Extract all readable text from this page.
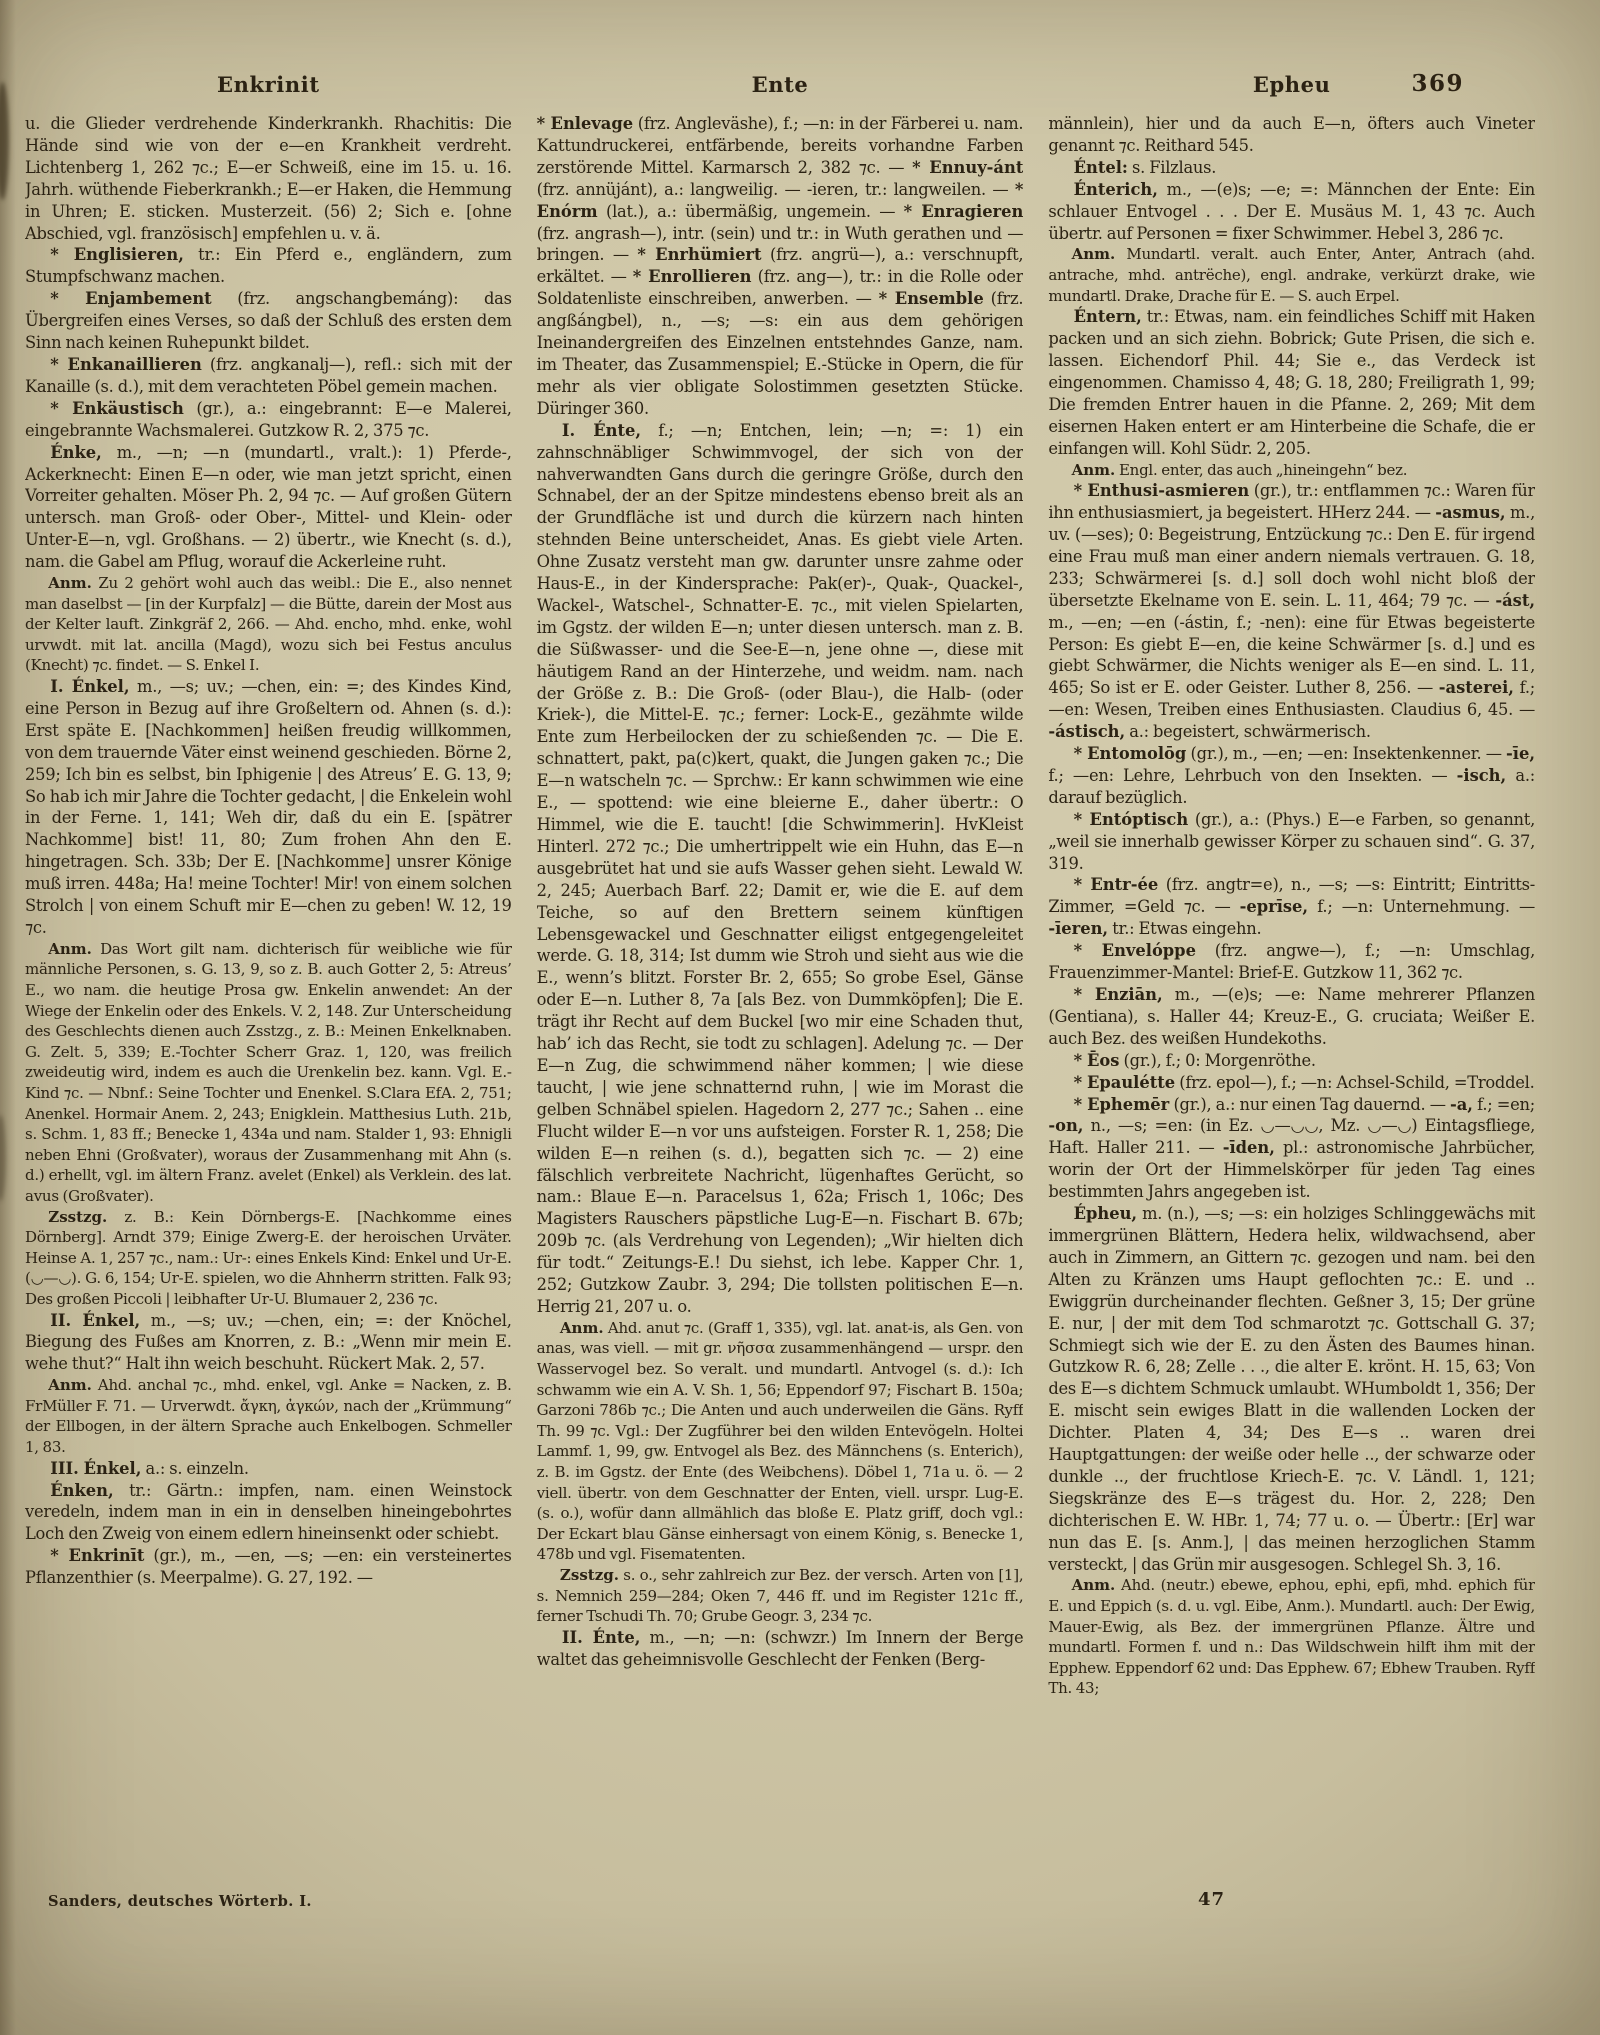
Enkrinit	Ente	Epheu	369

u. die Glieder verdrehende Kinderkrankh. Rhachitis: Die Hände sind wie von der e—en Krankheit verdreht. Lichtenberg 1, 262 ⁊c.; E—er Schweiß, eine im 15. u. 16. Jahrh. wüthende Fieberkrankh.; E—er Haken, die Hemmung in Uhren; E. sticken. Musterzeit. (56) 2; Sich e. [ohne Abschied, vgl. französisch] empfehlen u. v. ä.

* Englisieren, tr.: Ein Pferd e., engländern, zum Stumpfschwanz machen.

* Enjambement (frz. angschangbemáng): das Übergreifen eines Verses, so daß der Schluß des ersten dem Sinn nach keinen Ruhepunkt bildet.

* Enkanaillieren (frz. angkanalj—), refl.: sich mit der Kanaille (s. d.), mit dem verachteten Pöbel gemein machen.

* Enkäustisch (gr.), a.: eingebrannt: E—e Malerei, eingebrannte Wachsmalerei. Gutzkow R. 2, 375 ⁊c.

Énke, m., —n; —n (mundartl., vralt.): 1) Pferde-, Ackerknecht: Einen E—n oder, wie man jetzt spricht, einen Vorreiter gehalten. Möser Ph. 2, 94 ⁊c. — Auf großen Gütern untersch. man Groß- oder Ober-, Mittel- und Klein- oder Unter-E—n, vgl. Großhans. — 2) übertr., wie Knecht (s. d.), nam. die Gabel am Pflug, worauf die Ackerleine ruht.

Anm. Zu 2 gehört wohl auch das weibl.: Die E., also nennet man daselbst — [in der Kurpfalz] — die Bütte, darein der Most aus der Kelter lauft. Zinkgräf 2, 266. — Ahd. encho, mhd. enke, wohl urvwdt. mit lat. ancilla (Magd), wozu sich bei Festus anculus (Knecht) ⁊c. findet. — S. Enkel I.

I. Énkel, m., —s; uv.; —chen, ein: =; des Kindes Kind, eine Person in Bezug auf ihre Großeltern od. Ahnen (s. d.): Erst späte E. [Nachkommen] heißen freudig willkommen, von dem trauernde Väter einst weinend geschieden. Börne 2, 259; Ich bin es selbst, bin Iphigenie | des Atreus’ E. G. 13, 9; So hab ich mir Jahre die Tochter gedacht, | die Enkelein wohl in der Ferne. 1, 141; Weh dir, daß du ein E. [spätrer Nachkomme] bist! 11, 80; Zum frohen Ahn den E. hingetragen. Sch. 33b; Der E. [Nachkomme] unsrer Könige muß irren. 448a; Ha! meine Tochter! Mir! von einem solchen Strolch | von einem Schuft mir E—chen zu geben! W. 12, 19 ⁊c.

Anm. Das Wort gilt nam. dichterisch für weibliche wie für männliche Personen, s. G. 13, 9, so z. B. auch Gotter 2, 5: Atreus’ E., wo nam. die heutige Prosa gw. Enkelin anwendet: An der Wiege der Enkelin oder des Enkels. V. 2, 148. Zur Unterscheidung des Geschlechts dienen auch Zsstzg., z. B.: Meinen Enkelknaben. G. Zelt. 5, 339; E.-Tochter Scherr Graz. 1, 120, was freilich zweideutig wird, indem es auch die Urenkelin bez. kann. Vgl. E.-Kind ⁊c. — Nbnf.: Seine Tochter und Enenkel. S.Clara EfA. 2, 751; Anenkel. Hormair Anem. 2, 243; Enigklein. Matthesius Luth. 21b, s. Schm. 1, 83 ff.; Benecke 1, 434a und nam. Stalder 1, 93: Ehnigli neben Ehni (Großvater), woraus der Zusammenhang mit Ahn (s. d.) erhellt, vgl. im ältern Franz. avelet (Enkel) als Verklein. des lat. avus (Großvater).

Zsstzg. z. B.: Kein Dörnbergs-E. [Nachkomme eines Dörnberg]. Arndt 379; Einige Zwerg-E. der heroischen Urväter. Heinse A. 1, 257 ⁊c., nam.: Ur-: eines Enkels Kind: Enkel und Ur-E. (◡—◡). G. 6, 154; Ur-E. spielen, wo die Ahnherrn stritten. Falk 93; Des großen Piccoli | leibhafter Ur-U. Blumauer 2, 236 ⁊c.

II. Énkel, m., —s; uv.; —chen, ein; =: der Knöchel, Biegung des Fußes am Knorren, z. B.: „Wenn mir mein E. wehe thut?“ Halt ihn weich beschuht. Rückert Mak. 2, 57.

Anm. Ahd. anchal ⁊c., mhd. enkel, vgl. Anke = Nacken, z. B. FrMüller F. 71. — Urverwdt. ἄγκη, ἀγκών, nach der „Krümmung“ der Ellbogen, in der ältern Sprache auch Enkelbogen. Schmeller 1, 83.

III. Énkel, a.: s. einzeln.

Énken, tr.: Gärtn.: impfen, nam. einen Weinstock veredeln, indem man in ein in denselben hineingebohrtes Loch den Zweig von einem edlern hineinsenkt oder schiebt.

* Enkrinīt (gr.), m., —en, —s; —en: ein versteinertes Pflanzenthier (s. Meerpalme). G. 27, 192. —

* Enlevage (frz. Angleväshe), f.; —n: in der Färberei u. nam. Kattundruckerei, entfärbende, bereits vorhandne Farben zerstörende Mittel. Karmarsch 2, 382 ⁊c. — * Ennuy-ánt (frz. annüjánt), a.: langweilig. — -ieren, tr.: langweilen. — * Enórm (lat.), a.: übermäßig, ungemein. — * Enragieren (frz. angrash—), intr. (sein) und tr.: in Wuth gerathen und — bringen. — * Enrhümiert (frz. angrü—), a.: verschnupft, erkältet. — * Enrollieren (frz. ang—), tr.: in die Rolle oder Soldatenliste einschreiben, anwerben. — * Ensemble (frz. angßángbel), n., —s; —s: ein aus dem gehörigen Ineinandergreifen des Einzelnen entstehndes Ganze, nam. im Theater, das Zusammenspiel; E.-Stücke in Opern, die für mehr als vier obligate Solostimmen gesetzten Stücke. Düringer 360.

I. Énte, f.; —n; Entchen, lein; —n; =: 1) ein zahnschnäbliger Schwimmvogel, der sich von der nahverwandten Gans durch die geringre Größe, durch den Schnabel, der an der Spitze mindestens ebenso breit als an der Grundfläche ist und durch die kürzern nach hinten stehnden Beine unterscheidet, Anas. Es giebt viele Arten. Ohne Zusatz versteht man gw. darunter unsre zahme oder Haus-E., in der Kindersprache: Pak(er)-, Quak-, Quackel-, Wackel-, Watschel-, Schnatter-E. ⁊c., mit vielen Spielarten, im Ggstz. der wilden E—n; unter diesen untersch. man z. B. die Süßwasser- und die See-E—n, jene ohne —, diese mit häutigem Rand an der Hinterzehe, und weidm. nam. nach der Größe z. B.: Die Groß- (oder Blau-), die Halb- (oder Kriek-), die Mittel-E. ⁊c.; ferner: Lock-E., gezähmte wilde Ente zum Herbeilocken der zu schießenden ⁊c. — Die E. schnattert, pakt, pa(c)kert, quakt, die Jungen gaken ⁊c.; Die E—n watscheln ⁊c. — Sprchw.: Er kann schwimmen wie eine E., — spottend: wie eine bleierne E., daher übertr.: O Himmel, wie die E. taucht! [die Schwimmerin]. HvKleist Hinterl. 272 ⁊c.; Die umhertrippelt wie ein Huhn, das E—n ausgebrütet hat und sie aufs Wasser gehen sieht. Lewald W. 2, 245; Auerbach Barf. 22; Damit er, wie die E. auf dem Teiche, so auf den Brettern seinem künftigen Lebensgewackel und Geschnatter eiligst entgegengeleitet werde. G. 18, 314; Ist dumm wie Stroh und sieht aus wie die E., wenn’s blitzt. Forster Br. 2, 655; So grobe Esel, Gänse oder E—n. Luther 8, 7a [als Bez. von Dummköpfen]; Die E. trägt ihr Recht auf dem Buckel [wo mir eine Schaden thut, hab’ ich das Recht, sie todt zu schlagen]. Adelung ⁊c. — Der E—n Zug, die schwimmend näher kommen; | wie diese taucht, | wie jene schnatternd ruhn, | wie im Morast die gelben Schnäbel spielen. Hagedorn 2, 277 ⁊c.; Sahen .. eine Flucht wilder E—n vor uns aufsteigen. Forster R. 1, 258; Die wilden E—n reihen (s. d.), begatten sich ⁊c. — 2) eine fälschlich verbreitete Nachricht, lügenhaftes Gerücht, so nam.: Blaue E—n. Paracelsus 1, 62a; Frisch 1, 106c; Des Magisters Rauschers päpstliche Lug-E—n. Fischart B. 67b; 209b ⁊c. (als Verdrehung von Legenden); „Wir hielten dich für todt.“ Zeitungs-E.! Du siehst, ich lebe. Kapper Chr. 1, 252; Gutzkow Zaubr. 3, 294; Die tollsten politischen E—n. Herrig 21, 207 u. o.

Anm. Ahd. anut ⁊c. (Graff 1, 335), vgl. lat. anat-is, als Gen. von anas, was viell. — mit gr. νῆσσα zusammenhängend — urspr. den Wasservogel bez. So veralt. und mundartl. Antvogel (s. d.): Ich schwamm wie ein A. V. Sh. 1, 56; Eppendorf 97; Fischart B. 150a; Garzoni 786b ⁊c.; Die Anten und auch underweilen die Gäns. Ryff Th. 99 ⁊c. Vgl.: Der Zugführer bei den wilden Entevögeln. Holtei Lammf. 1, 99, gw. Entvogel als Bez. des Männchens (s. Enterich), z. B. im Ggstz. der Ente (des Weibchens). Döbel 1, 71a u. ö. — 2 viell. übertr. von dem Geschnatter der Enten, viell. urspr. Lug-E. (s. o.), wofür dann allmählich das bloße E. Platz griff, doch vgl.: Der Eckart blau Gänse einhersagt von einem König, s. Benecke 1, 478b und vgl. Fisematenten.

Zsstzg. s. o., sehr zahlreich zur Bez. der versch. Arten von [1], s. Nemnich 259—284; Oken 7, 446 ff. und im Register 121c ff., ferner Tschudi Th. 70; Grube Geogr. 3, 234 ⁊c.

II. Énte, m., —n; —n: (schwzr.) Im Innern der Berge waltet das geheimnisvolle Geschlecht der Fenken (Berg-

männlein), hier und da auch E—n, öfters auch Vineter genannt ⁊c. Reithard 545.

Éntel: s. Filzlaus.

Énterich, m., —(e)s; —e; =: Männchen der Ente: Ein schlauer Entvogel . . . Der E. Musäus M. 1, 43 ⁊c. Auch übertr. auf Personen = fixer Schwimmer. Hebel 3, 286 ⁊c.

Anm. Mundartl. veralt. auch Enter, Anter, Antrach (ahd. antrache, mhd. antrëche), engl. andrake, verkürzt drake, wie mundartl. Drake, Drache für E. — S. auch Erpel.

Éntern, tr.: Etwas, nam. ein feindliches Schiff mit Haken packen und an sich ziehn. Bobrick; Gute Prisen, die sich e. lassen. Eichendorf Phil. 44; Sie e., das Verdeck ist eingenommen. Chamisso 4, 48; G. 18, 280; Freiligrath 1, 99; Die fremden Entrer hauen in die Pfanne. 2, 269; Mit dem eisernen Haken entert er am Hinterbeine die Schafe, die er einfangen will. Kohl Südr. 2, 205.

Anm. Engl. enter, das auch „hineingehn“ bez.

* Enthusi-asmieren (gr.), tr.: entflammen ⁊c.: Waren für ihn enthusiasmiert, ja begeistert. HHerz 244. — -asmus, m., uv. (—ses); 0: Begeistrung, Entzückung ⁊c.: Den E. für irgend eine Frau muß man einer andern niemals vertrauen. G. 18, 233; Schwärmerei [s. d.] soll doch wohl nicht bloß der übersetzte Ekelname von E. sein. L. 11, 464; 79 ⁊c. — -ást, m., —en; —en (-ástin, f.; -nen): eine für Etwas begeisterte Person: Es giebt E—en, die keine Schwärmer [s. d.] und es giebt Schwärmer, die Nichts weniger als E—en sind. L. 11, 465; So ist er E. oder Geister. Luther 8, 256. — -asterei, f.; —en: Wesen, Treiben eines Enthusiasten. Claudius 6, 45. — -ástisch, a.: begeistert, schwärmerisch.

* Entomolōg (gr.), m., —en; —en: Insektenkenner. — -īe, f.; —en: Lehre, Lehrbuch von den Insekten. — -isch, a.: darauf bezüglich.

* Entóptisch (gr.), a.: (Phys.) E—e Farben, so genannt, „weil sie innerhalb gewisser Körper zu schauen sind“. G. 37, 319.

* Entr-ée (frz. angtr=e), n., —s; —s: Eintritt; Eintritts-Zimmer, =Geld ⁊c. — -eprīse, f.; —n: Unternehmung. — -īeren, tr.: Etwas eingehn.

* Envelóppe (frz. angwe—), f.; —n: Umschlag, Frauenzimmer-Mantel: Brief-E. Gutzkow 11, 362 ⁊c.

* Enziān, m., —(e)s; —e: Name mehrerer Pflanzen (Gentiana), s. Haller 44; Kreuz-E., G. cruciata; Weißer E. auch Bez. des weißen Hundekoths.

* Ēos (gr.), f.; 0: Morgenröthe.

* Epaulétte (frz. epol—), f.; —n: Achsel-Schild, =Troddel.

* Ephemēr (gr.), a.: nur einen Tag dauernd. — -a, f.; =en; -on, n., —s; =en: (in Ez. ◡—◡◡, Mz. ◡—◡) Eintagsfliege, Haft. Haller 211. — -īden, pl.: astronomische Jahrbücher, worin der Ort der Himmelskörper für jeden Tag eines bestimmten Jahrs angegeben ist.

Épheu, m. (n.), —s; —s: ein holziges Schlinggewächs mit immergrünen Blättern, Hedera helix, wildwachsend, aber auch in Zimmern, an Gittern ⁊c. gezogen und nam. bei den Alten zu Kränzen ums Haupt geflochten ⁊c.: E. und .. Ewiggrün durcheinander flechten. Geßner 3, 15; Der grüne E. nur, | der mit dem Tod schmarotzt ⁊c. Gottschall G. 37; Schmiegt sich wie der E. zu den Ästen des Baumes hinan. Gutzkow R. 6, 28; Zelle . . ., die alter E. krönt. H. 15, 63; Von des E—s dichtem Schmuck umlaubt. WHumboldt 1, 356; Der E. mischt sein ewiges Blatt in die wallenden Locken der Dichter. Platen 4, 34; Des E—s .. waren drei Hauptgattungen: der weiße oder helle .., der schwarze oder dunkle .., der fruchtlose Kriech-E. ⁊c. V. Ländl. 1, 121; Siegskränze des E—s trägest du. Hor. 2, 228; Den dichterischen E. W. HBr. 1, 74; 77 u. o. — Übertr.: [Er] war nun das E. [s. Anm.], | das meinen herzoglichen Stamm versteckt, | das Grün mir ausgesogen. Schlegel Sh. 3, 16.

Anm. Ahd. (neutr.) ebewe, ephou, ephi, epfi, mhd. ephich für E. und Eppich (s. d. u. vgl. Eibe, Anm.). Mundartl. auch: Der Ewig, Mauer-Ewig, als Bez. der immergrünen Pflanze. Ältre und mundartl. Formen f. und n.: Das Wildschwein hilft ihm mit der Epphew. Eppendorf 62 und: Das Epphew. 67; Ebhew Trauben. Ryff Th. 43;

Sanders, deutsches Wörterb. I.	47
